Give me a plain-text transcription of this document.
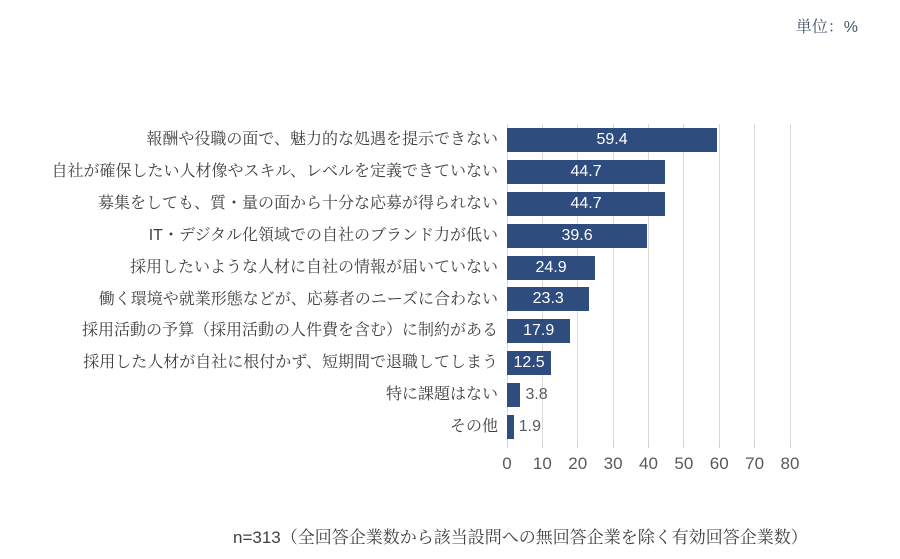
単位：%
報酬や役職の面で、魅力的な処遇を提示できない	59.4
自社が確保したい人材像やスキル、レベルを定義できていない	44.7
募集をしても、質・量の面から十分な応募が得られない	44.7
IT・デジタル化領域での自社のブランド力が低い	39.6
採用したいような人材に自社の情報が届いていない	24.9
働く環境や就業形態などが、応募者のニーズに合わない	23.3
採用活動の予算（採用活動の人件費を含む）に制約がある	17.9
採用した人材が自社に根付かず、短期間で退職してしまう 12.5
特に課題はない	3.8
その他	1.9
0	10 20 30 40 50 60 70 80
n=313（全回答企業数から該当設問への無回答企業を除く有効回答企業数）
